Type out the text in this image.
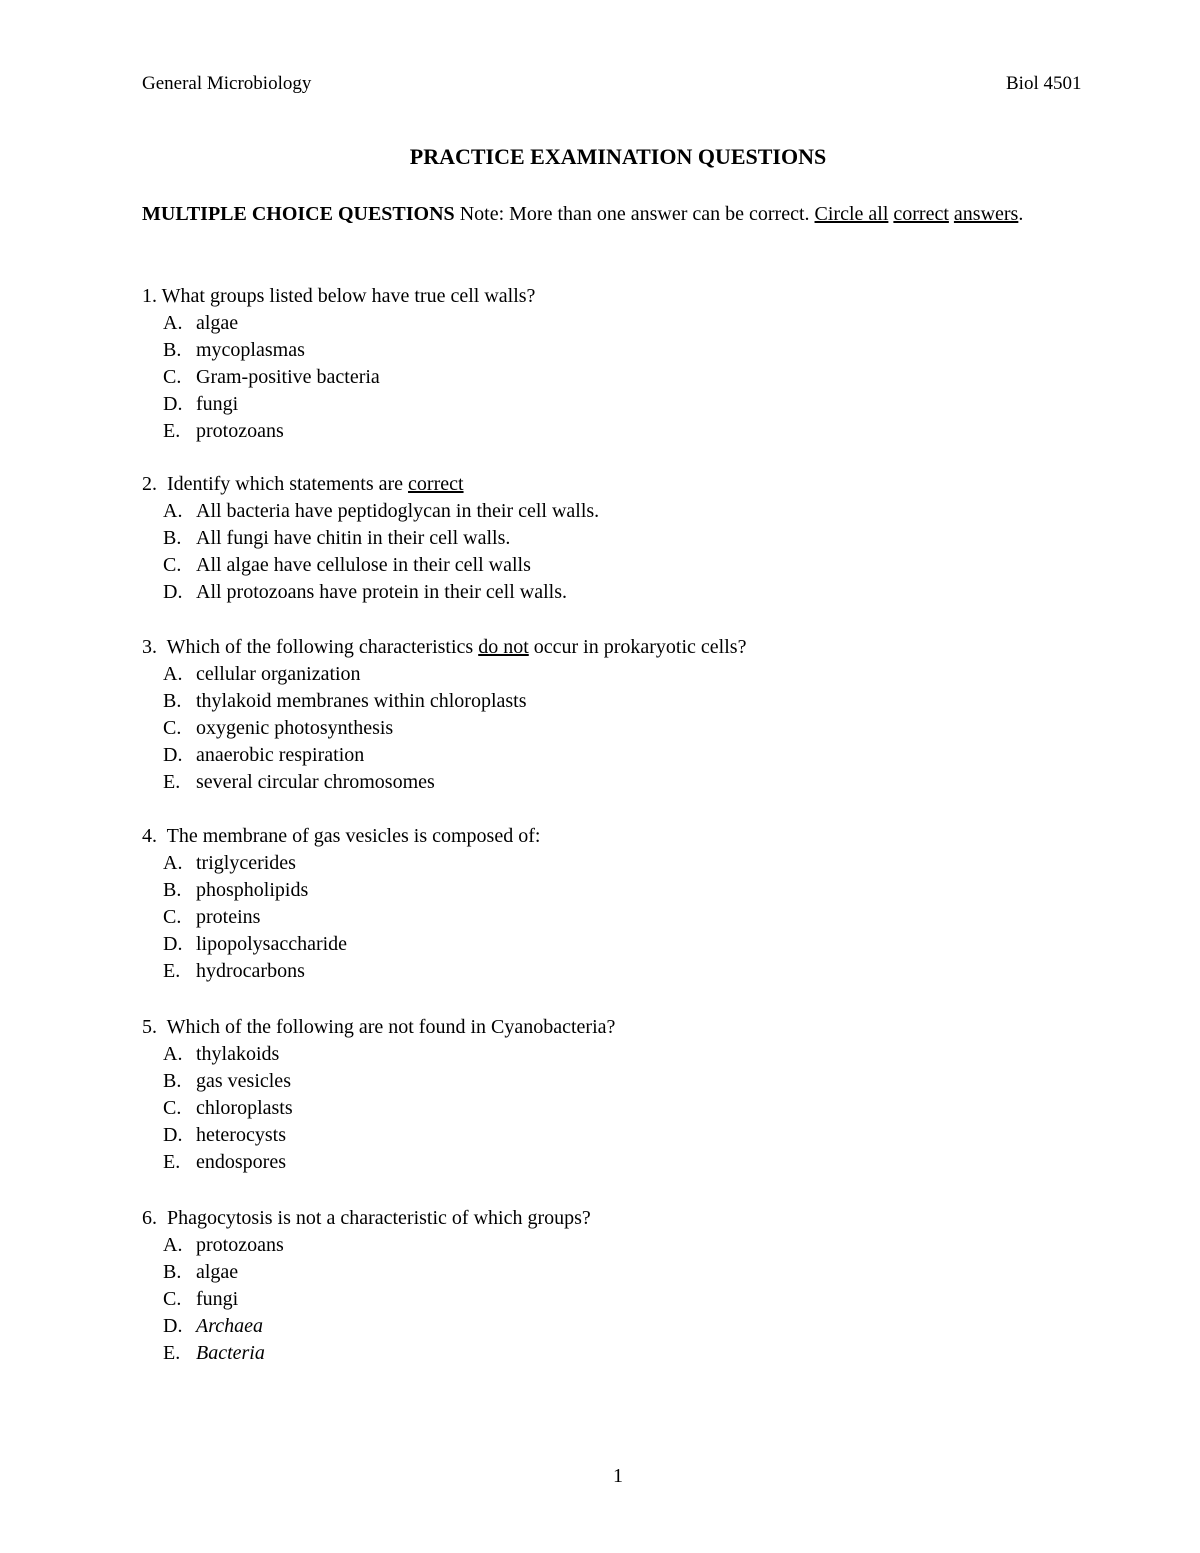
General Microbiology	Biol 4501
PRACTICE EXAMINATION QUESTIONS
MULTIPLE CHOICE QUESTIONS Note: More than one answer can be correct. Circle all correct answers.

1. What groups listed below have true cell walls?

A. algae
B. mycoplasmas
C. Gram-positive bacteria
D. fungi
E. protozoans

2.  Identify which statements are correct

A. All bacteria have peptidoglycan in their cell walls.
B. All fungi have chitin in their cell walls.
C. All algae have cellulose in their cell walls
D. All protozoans have protein in their cell walls.

3.  Which of the following characteristics do not occur in prokaryotic cells?

A. cellular organization
B. thylakoid membranes within chloroplasts
C. oxygenic photosynthesis
D. anaerobic respiration
E. several circular chromosomes

4.  The membrane of gas vesicles is composed of:

A. triglycerides
B. phospholipids
C. proteins
D. lipopolysaccharide
E. hydrocarbons

5.  Which of the following are not found in Cyanobacteria?

A. thylakoids
B. gas vesicles
C. chloroplasts
D. heterocysts
E. endospores

6.  Phagocytosis is not a characteristic of which groups?

A. protozoans
B. algae
C. fungi
D. Archaea
E. Bacteria
1
